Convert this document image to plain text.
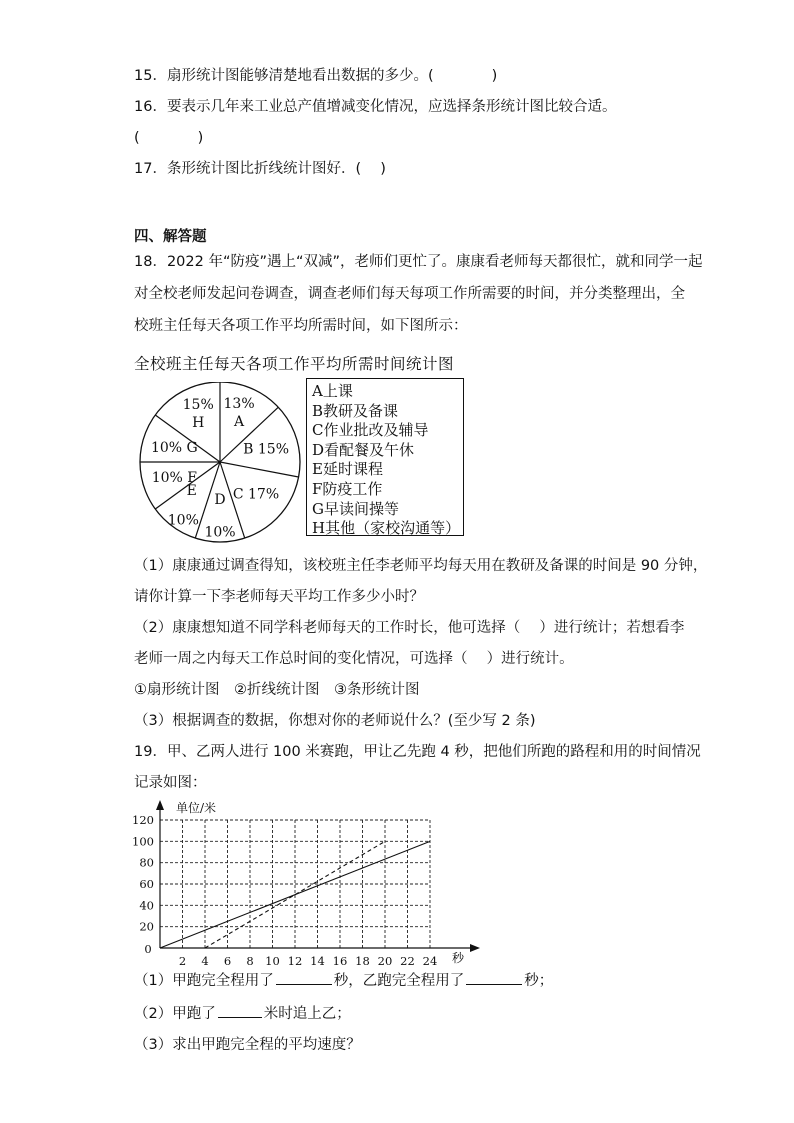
15．扇形统计图能够清楚地看出数据的多少。(　　　　)
16．要表示几年来工业总产值增减变化情况，应选择条形统计图比较合适。
(　　　　)
17．条形统计图比折线统计图好．(　 )
四、解答题
18．2022 年“防疫”遇上“双减”，老师们更忙了。康康看老师每天都很忙，就和同学一起
对全校老师发起问卷调查，调查老师们每天每项工作所需要的时间，并分类整理出，全
校班主任每天各项工作平均所需时间，如下图所示：
全校班主任每天各项工作平均所需时间统计图
13%
A
B 15%
C 17%
D
10%
E
10%
10% F
10% G
15%
H
A上课
B教研及备课
C作业批改及辅导
D看配餐及午休
E延时课程
F防疫工作
G早读间操等
H其他（家校沟通等）
（1）康康通过调查得知，该校班主任李老师平均每天用在教研及备课的时间是 90 分钟，
请你计算一下李老师每天平均工作多少小时？
（2）康康想知道不同学科老师每天的工作时长，他可选择（　 ）进行统计；若想看李
老师一周之内每天工作总时间的变化情况，可选择（　 ）进行统计。
①扇形统计图　②折线统计图　③条形统计图
（3）根据调查的数据，你想对你的老师说什么？(至少写 2 条)
19．甲、乙两人进行 100 米赛跑，甲让乙先跑 4 秒，把他们所跑的路程和用的时间情况
记录如图：
2 4 6 8 10 12 14 16 18 20 22 24
20
40
60
80
100
120
0
秒
单位/米
（1）甲跑完全程用了	秒，乙跑完全程用了	秒；
（2）甲跑了	米时追上乙；
（3）求出甲跑完全程的平均速度？
